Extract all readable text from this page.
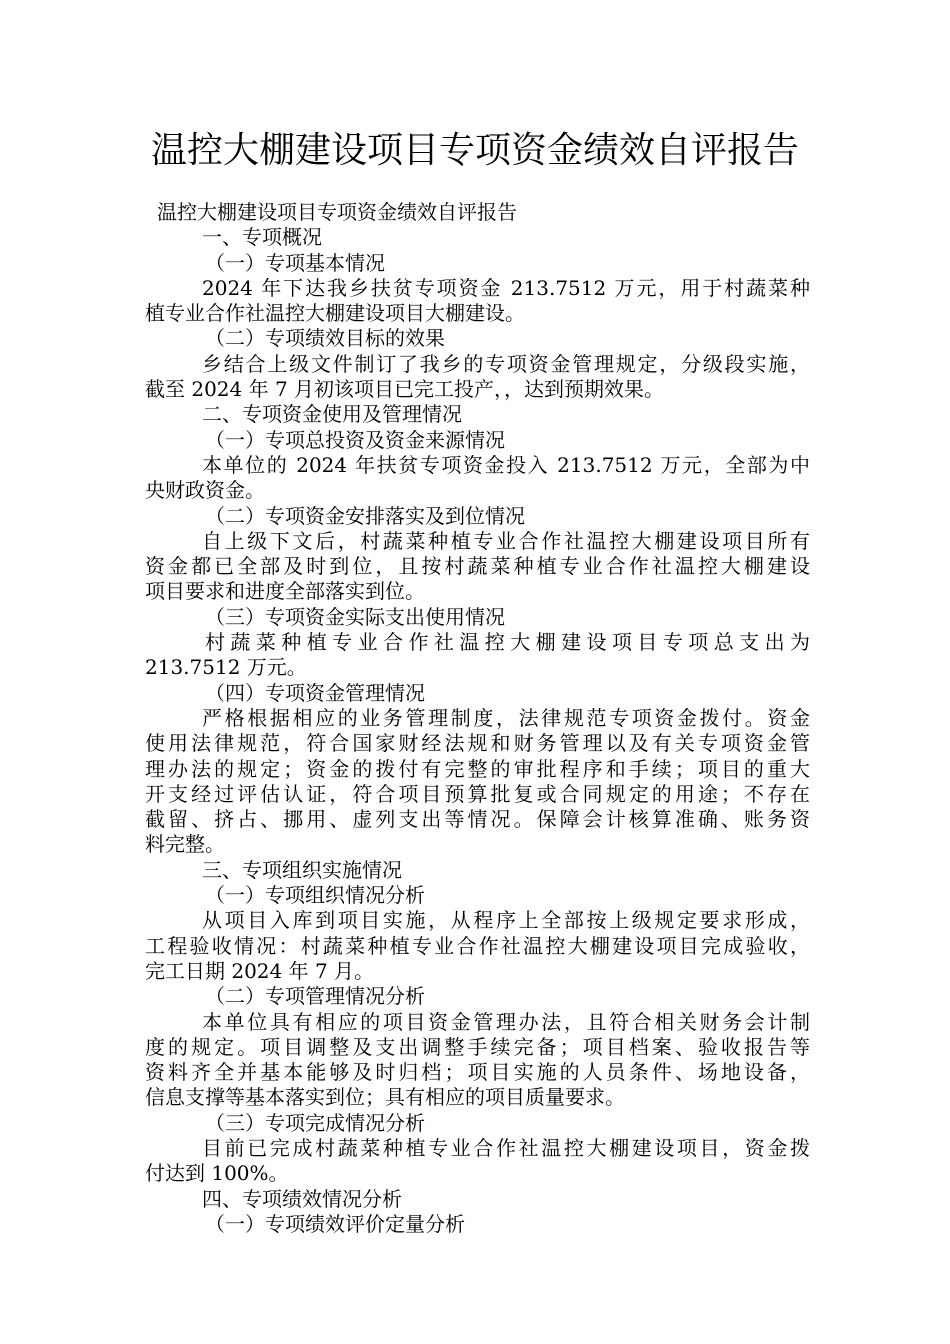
温控大棚建设项目专项资金绩效自评报告
温控大棚建设项目专项资金绩效自评报告
一、专项概况
（一）专项基本情况
2024 年下达我乡扶贫专项资金 213.7512 万元，用于村蔬菜种
植专业合作社温控大棚建设项目大棚建设。
（二）专项绩效目标的效果
乡结合上级文件制订了我乡的专项资金管理规定，分级段实施，
截至 2024 年 7 月初该项目已完工投产，，达到预期效果。
二、专项资金使用及管理情况
（一）专项总投资及资金来源情况
本单位的 2024 年扶贫专项资金投入 213.7512 万元，全部为中
央财政资金。
（二）专项资金安排落实及到位情况
自上级下文后，村蔬菜种植专业合作社温控大棚建设项目所有
资金都已全部及时到位，且按村蔬菜种植专业合作社温控大棚建设
项目要求和进度全部落实到位。
（三）专项资金实际支出使用情况
村蔬菜种植专业合作社温控大棚建设项目专项总支出为
213.7512 万元。
（四）专项资金管理情况
严格根据相应的业务管理制度，法律规范专项资金拨付。资金
使用法律规范，符合国家财经法规和财务管理以及有关专项资金管
理办法的规定；资金的拨付有完整的审批程序和手续；项目的重大
开支经过评估认证，符合项目预算批复或合同规定的用途；不存在
截留、挤占、挪用、虚列支出等情况。保障会计核算准确、账务资
料完整。
三、专项组织实施情况
（一）专项组织情况分析
从项目入库到项目实施，从程序上全部按上级规定要求形成，
工程验收情况：村蔬菜种植专业合作社温控大棚建设项目完成验收，
完工日期 2024 年 7 月。
（二）专项管理情况分析
本单位具有相应的项目资金管理办法，且符合相关财务会计制
度的规定。项目调整及支出调整手续完备；项目档案、验收报告等
资料齐全并基本能够及时归档；项目实施的人员条件、场地设备，
信息支撑等基本落实到位；具有相应的项目质量要求。
（三）专项完成情况分析
目前已完成村蔬菜种植专业合作社温控大棚建设项目，资金拨
付达到 100%。
四、专项绩效情况分析
（一）专项绩效评价定量分析
